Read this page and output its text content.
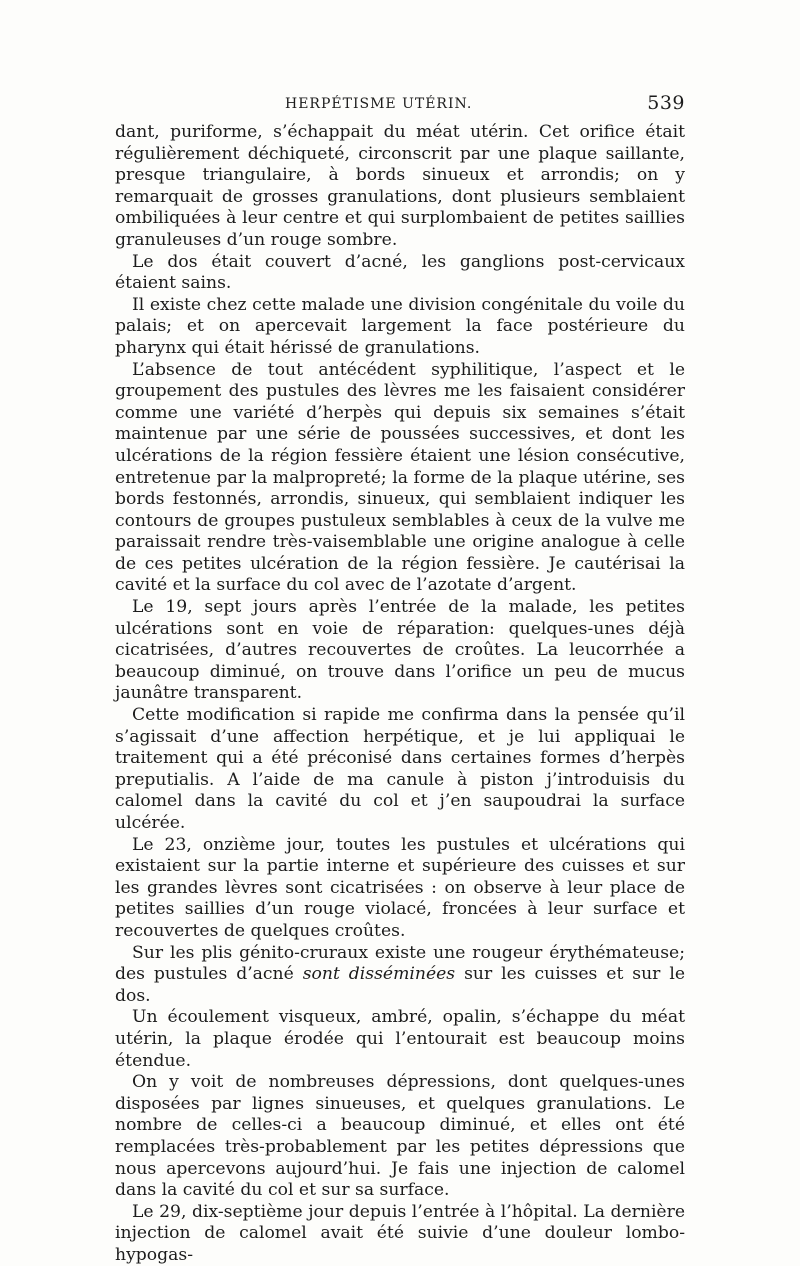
HERPÉTISME UTÉRIN.	539

dant, puriforme, s’échappait du méat utérin. Cet orifice était régulièrement déchiqueté, circonscrit par une plaque saillante, presque triangulaire, à bords sinueux et arrondis; on y remarquait de grosses granulations, dont plusieurs semblaient ombiliquées à leur centre et qui surplombaient de petites saillies granuleuses d’un rouge sombre.

Le dos était couvert d’acné, les ganglions post-cervicaux étaient sains.

Il existe chez cette malade une division congénitale du voile du palais; et on apercevait largement la face postérieure du pharynx qui était hérissé de granulations.

L’absence de tout antécédent syphilitique, l’aspect et le groupement des pustules des lèvres me les faisaient considérer comme une variété d’herpès qui depuis six semaines s’était maintenue par une série de poussées successives, et dont les ulcérations de la région fessière étaient une lésion consécutive, entretenue par la malpropreté; la forme de la plaque utérine, ses bords festonnés, arrondis, sinueux, qui semblaient indiquer les contours de groupes pustuleux semblables à ceux de la vulve me paraissait rendre très-vaisemblable une origine analogue à celle de ces petites ulcération de la région fessière. Je cautérisai la cavité et la surface du col avec de l’azotate d’argent.

Le 19, sept jours après l’entrée de la malade, les petites ulcérations sont en voie de réparation: quelques-unes déjà cicatrisées, d’autres recouvertes de croûtes. La leucorrhée a beaucoup diminué, on trouve dans l’orifice un peu de mucus jaunâtre transparent.

Cette modification si rapide me confirma dans la pensée qu’il s’agissait d’une affection herpétique, et je lui appliquai le traitement qui a été préconisé dans certaines formes d’herpès preputialis. A l’aide de ma canule à piston j’introduisis du calomel dans la cavité du col et j’en saupoudrai la surface ulcérée.

Le 23, onzième jour, toutes les pustules et ulcérations qui existaient sur la partie interne et supérieure des cuisses et sur les grandes lèvres sont cicatrisées : on observe à leur place de petites saillies d’un rouge violacé, froncées à leur surface et recouvertes de quelques croûtes.

Sur les plis génito-cruraux existe une rougeur érythémateuse; des pustules d’acné sont disséminées sur les cuisses et sur le dos.

Un écoulement visqueux, ambré, opalin, s’échappe du méat utérin, la plaque érodée qui l’entourait est beaucoup moins étendue.

On y voit de nombreuses dépressions, dont quelques-unes disposées par lignes sinueuses, et quelques granulations. Le nombre de celles-ci a beaucoup diminué, et elles ont été remplacées très-probablement par les petites dépressions que nous apercevons aujourd’hui. Je fais une injection de calomel dans la cavité du col et sur sa surface.

Le 29, dix-septième jour depuis l’entrée à l’hôpital. La dernière injection de calomel avait été suivie d’une douleur lombo-hypogas-
